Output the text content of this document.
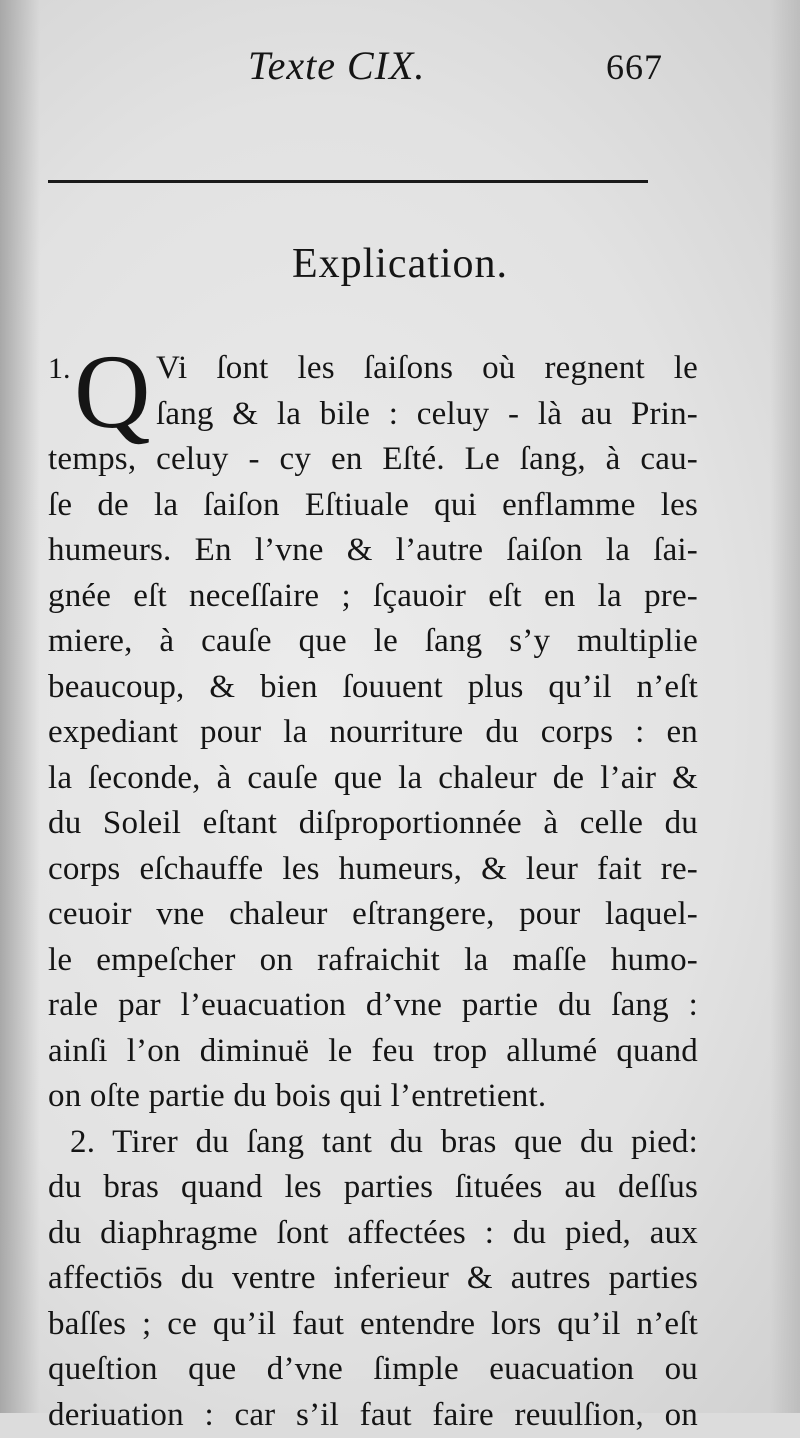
Texte CIX.	667
Explication.
1. Q Vi ſont les ſaiſons où regnent le
ſang & la bile : celuy - là au Prin-
temps, celuy - cy en Eſté. Le ſang, à cau-
ſe de la ſaiſon Eſtiuale qui enflamme les
humeurs. En l’vne & l’autre ſaiſon la ſai-
gnée eſt neceſſaire ; ſçauoir eſt en la pre-
miere, à cauſe que le ſang s’y multiplie
beaucoup, & bien ſouuent plus qu’il n’eſt
expediant pour la nourriture du corps : en
la ſeconde, à cauſe que la chaleur de l’air &
du Soleil eſtant diſproportionnée à celle du
corps eſchauffe les humeurs, & leur fait re-
ceuoir vne chaleur eſtrangere, pour laquel-
le empeſcher on rafraichit la maſſe humo-
rale par l’euacuation d’vne partie du ſang :
ainſi l’on diminuë le feu trop allumé quand
on oſte partie du bois qui l’entretient.
2. Tirer du ſang tant du bras que du pied:
du bras quand les parties ſituées au deſſus
du diaphragme ſont affectées : du pied, aux
affectiōs du ventre inferieur & autres parties
baſſes ; ce qu’il faut entendre lors qu’il n’eſt
queſtion que d’vne ſimple euacuation ou
deriuation : car s’il faut faire reuulſion, on
